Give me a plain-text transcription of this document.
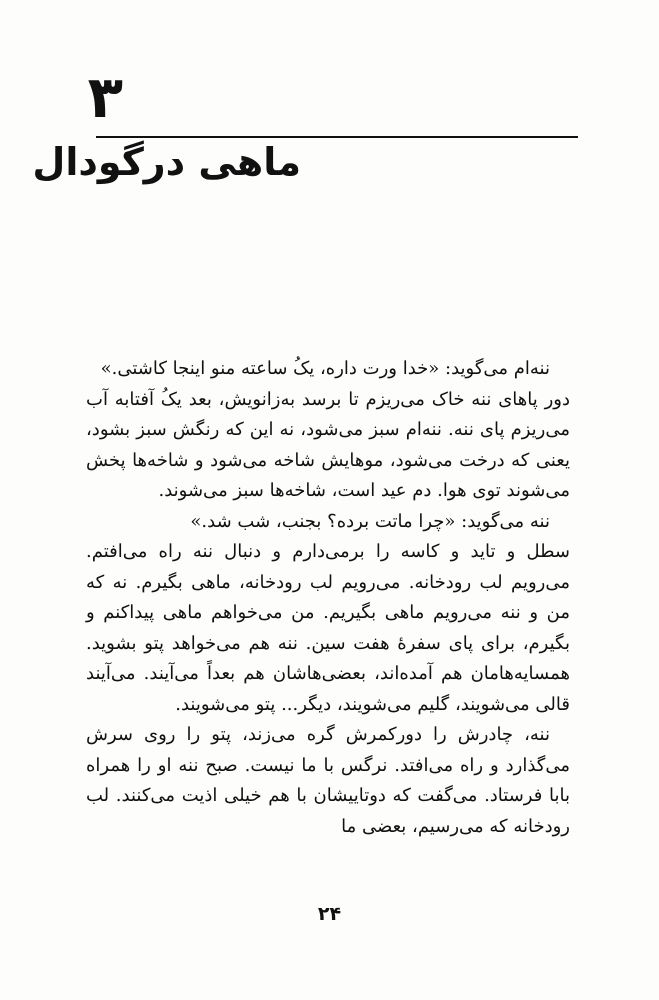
۳
ماهی درگودال

ننه‌ام می‌گوید: «خدا ورت داره، یکُ ساعته منو اینجا کاشتی.»

دور پاهای ننه خاک می‌ریزم تا برسد به‌زانویش، بعد یکُ آفتابه آب می‌ریزم پای ننه. ننه‌ام سبز می‌شود، نه این که رنگش سبز بشود، یعنی که درخت می‌شود، موهایش شاخه می‌شود و شاخه‌ها پخش می‌شوند توی هوا. دم عید است، شاخه‌ها سبز می‌شوند.

ننه می‌گوید: «چرا ماتت برده؟ بجنب، شب شد.»

سطل و تاید و کاسه را برمی‌دارم و دنبال ننه راه می‌افتم. می‌رویم لب رودخانه. می‌رویم لب رودخانه، ماهی بگیرم. نه که من و ننه می‌رویم ماهی بگیریم. من می‌خواهم ماهی پیداکنم و بگیرم، برای پای سفرۀ هفت سین. ننه هم می‌خواهد پتو بشوید. همسایه‌هامان هم آمده‌اند، بعضی‌هاشان هم بعداً می‌آیند. می‌آیند قالی می‌شویند، گلیم می‌شویند، دیگر... پتو می‌شویند.

ننه، چادرش را دورکمرش گره می‌زند، پتو را روی سرش می‌گذارد و راه می‌افتد. نرگس با ما نیست. صبح ننه او را همراه بابا فرستاد. می‌گفت که دوتاییشان با هم خیلی اذیت می‌کنند. لب رودخانه که می‌رسیم، بعضی ما

۲۴
